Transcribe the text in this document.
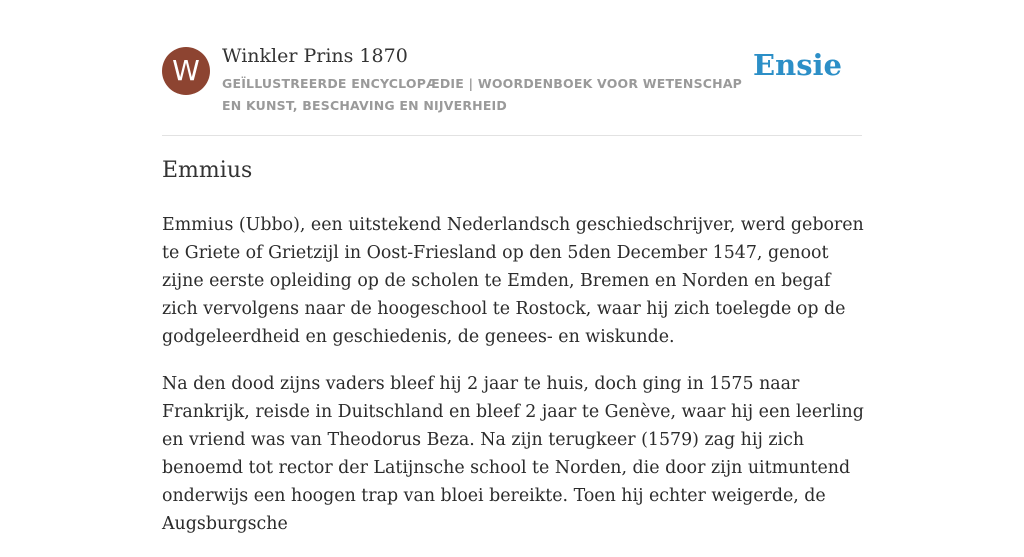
W	Winkler Prins 1870
GEÏLLUSTREERDE ENCYCLOPÆDIE | WOORDENBOEK VOOR WETENSCHAP EN KUNST, BESCHAVING EN NIJVERHEID
Ensie
Emmius

Emmius (Ubbo), een uitstekend Nederlandsch geschiedschrijver, werd geboren te Griete of Grietzijl in Oost-Friesland op den 5den December 1547, genoot zijne eerste opleiding op de scholen te Emden, Bremen en Norden en begaf zich vervolgens naar de hoogeschool te Rostock, waar hij zich toelegde op de godgeleerdheid en geschiedenis, de genees- en wiskunde.

Na den dood zijns vaders bleef hij 2 jaar te huis, doch ging in 1575 naar Frankrijk, reisde in Duitschland en bleef 2 jaar te Genève, waar hij een leerling en vriend was van Theodorus Beza. Na zijn terugkeer (1579) zag hij zich benoemd tot rector der Latijnsche school te Norden, die door zijn uitmuntend onderwijs een hoogen trap van bloei bereikte. Toen hij echter weigerde, de Augsburgsche
